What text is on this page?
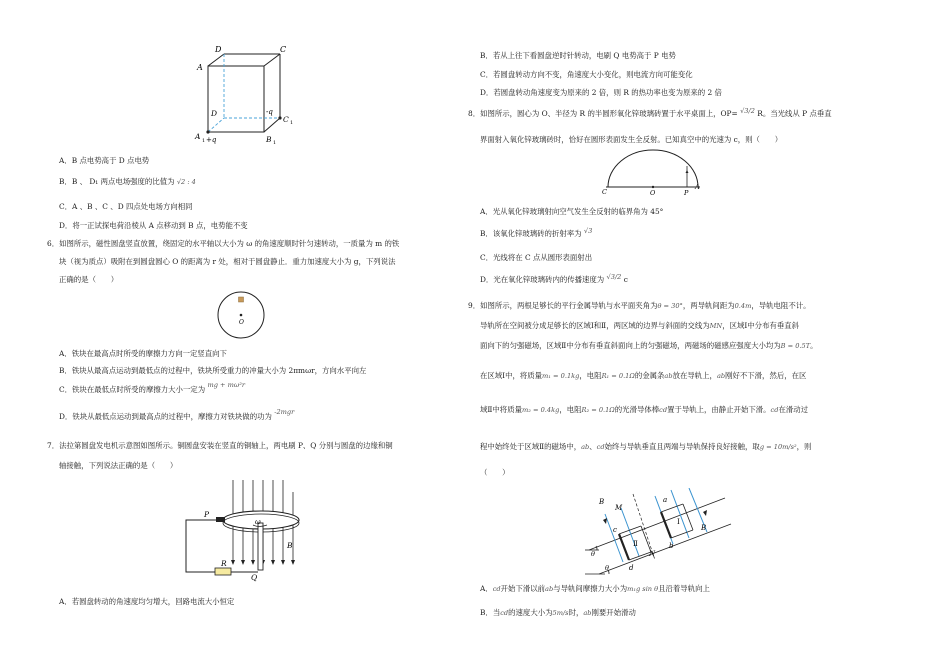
D	C
A
-q
D
C 1
A 1 +q	B 1
A．B 点电势高于 D 点电势
B．B 、 D₁ 两点电场强度的比值为 √2 : 4
C．A 、B 、C 、D 四点处电场方向相同
D．将一正试探电荷沿棱从 A 点移动到 B 点，电势能不变
6．如图所示，磁性圆盘竖直放置，绕固定的水平轴以大小为 ω 的角速度顺时针匀速转动，一质量为 m 的铁
块（视为质点）吸附在到圆盘圆心 O 的距离为 r 处，相对于圆盘静止．重力加速度大小为 g，下列说法
正确的是（　　）
O
A．铁块在最高点时所受的摩擦力方向一定竖直向下
B．铁块从最高点运动到最低点的过程中，铁块所受重力的冲量大小为 2πmωr，方向水平向左
C．铁块在最低点时所受的摩擦力大小一定为 mg + mω²r
D．铁块从最低点运动到最高点的过程中，摩擦力对铁块做的功为 -2mgr
7．法拉第圆盘发电机示意图如图所示。铜圆盘安装在竖直的铜轴上，两电刷 P、Q 分别与圆盘的边缘和铜
轴接触，下列说法正确的是（　　）
P
ω
B
R
Q
A．若圆盘转动的角速度均匀增大，回路电流大小恒定
B．若从上往下看圆盘逆时针转动，电刷 Q 电势高于 P 电势
C．若圆盘转动方向不变，角速度大小变化，则电流方向可能变化
D．若圆盘转动角速度变为原来的 2 倍，则 R 的热功率也变为原来的 2 倍
8．如图所示，圆心为 O、半径为 R 的半圆形氧化锌玻璃砖置于水平桌面上，OP= √3/2 R。当光线从 P 点垂直
界面射入氧化锌玻璃砖时，恰好在圆形表面发生全反射。已知真空中的光速为 c，则（　　）
C	O	P
A
A．光从氧化锌玻璃射向空气发生全反射的临界角为 45°
B．该氧化锌玻璃砖的折射率为 √3
C．光线将在 C 点从圆形表面射出
D．光在氧化锌玻璃砖内的传播速度为 √3/2 c
9．如图所示，两根足够长的平行金属导轨与水平面夹角为θ = 30°，两导轨间距为0.4m，导轨电阻不计。
导轨所在空间被分成足够长的区域Ⅰ和Ⅱ，两区域的边界与斜面的交线为MN，区域Ⅰ中分布有垂直斜
面向下的匀强磁场，区域Ⅱ中分布有垂直斜面向上的匀强磁场，两磁场的磁感应强度大小均为B = 0.5T。
在区域Ⅰ中，将质量m₁ = 0.1kg，电阻R₁ = 0.1Ω的金属条ab放在导轨上，ab刚好不下滑，然后，在区
域Ⅱ中将质量m₂ = 0.4kg，电阻R₂ = 0.1Ω的光滑导体棒cd置于导轨上，由静止开始下滑。cd在滑动过
程中始终处于区域Ⅱ的磁场中，ab、cd始终与导轨垂直且两端与导轨保持良好接触，取g = 10m/s²，则
（　　）
B
M
a
c
Ⅱ
Ⅰ
θ	N
B
d
b
θ
A．cd开始下滑以前ab与导轨间摩擦力大小为m₁g sin θ且沿着导轨向上
B．当cd的速度大小为5m/s时，ab刚要开始滑动
